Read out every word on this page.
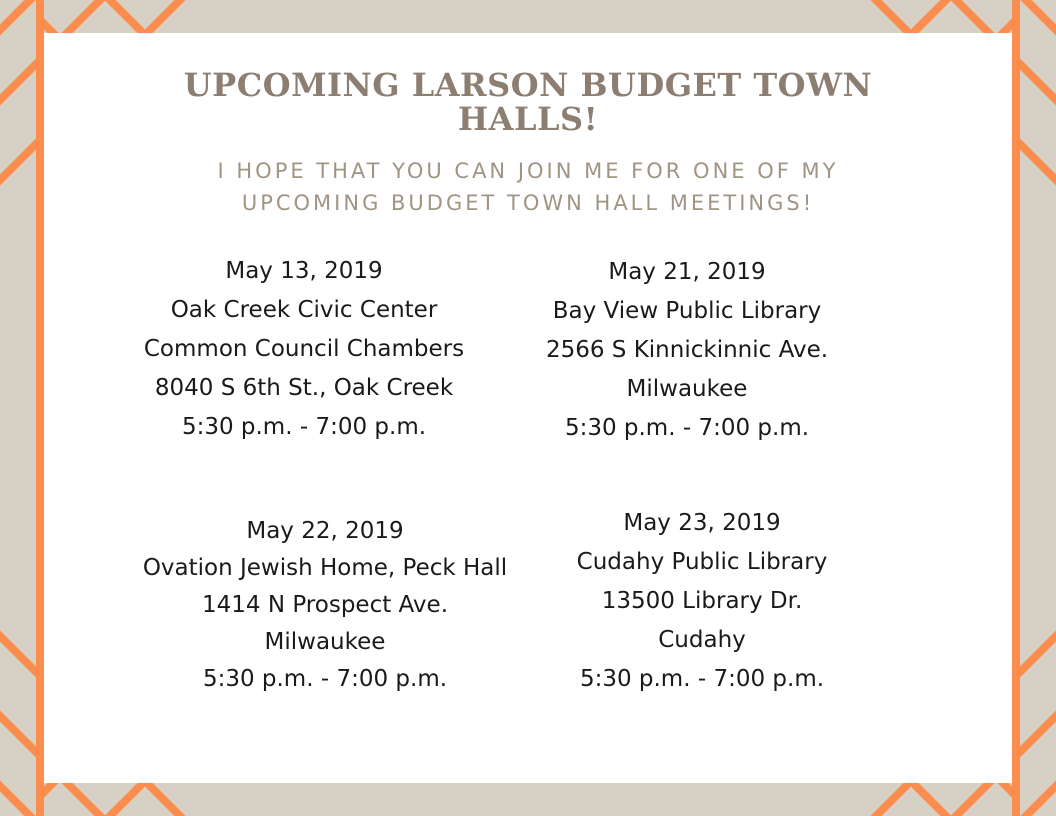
UPCOMING LARSON BUDGET TOWN
HALLS!
I HOPE THAT YOU CAN JOIN ME FOR ONE OF MY
UPCOMING BUDGET TOWN HALL MEETINGS!
May 13, 2019
Oak Creek Civic Center
Common Council Chambers
8040 S 6th St., Oak Creek
5:30 p.m. - 7:00 p.m.
May 21, 2019
Bay View Public Library
2566 S Kinnickinnic Ave.
Milwaukee
5:30 p.m. - 7:00 p.m.
May 22, 2019
Ovation Jewish Home, Peck Hall
1414 N Prospect Ave.
Milwaukee
5:30 p.m. - 7:00 p.m.
May 23, 2019
Cudahy Public Library
13500 Library Dr.
Cudahy
5:30 p.m. - 7:00 p.m.
